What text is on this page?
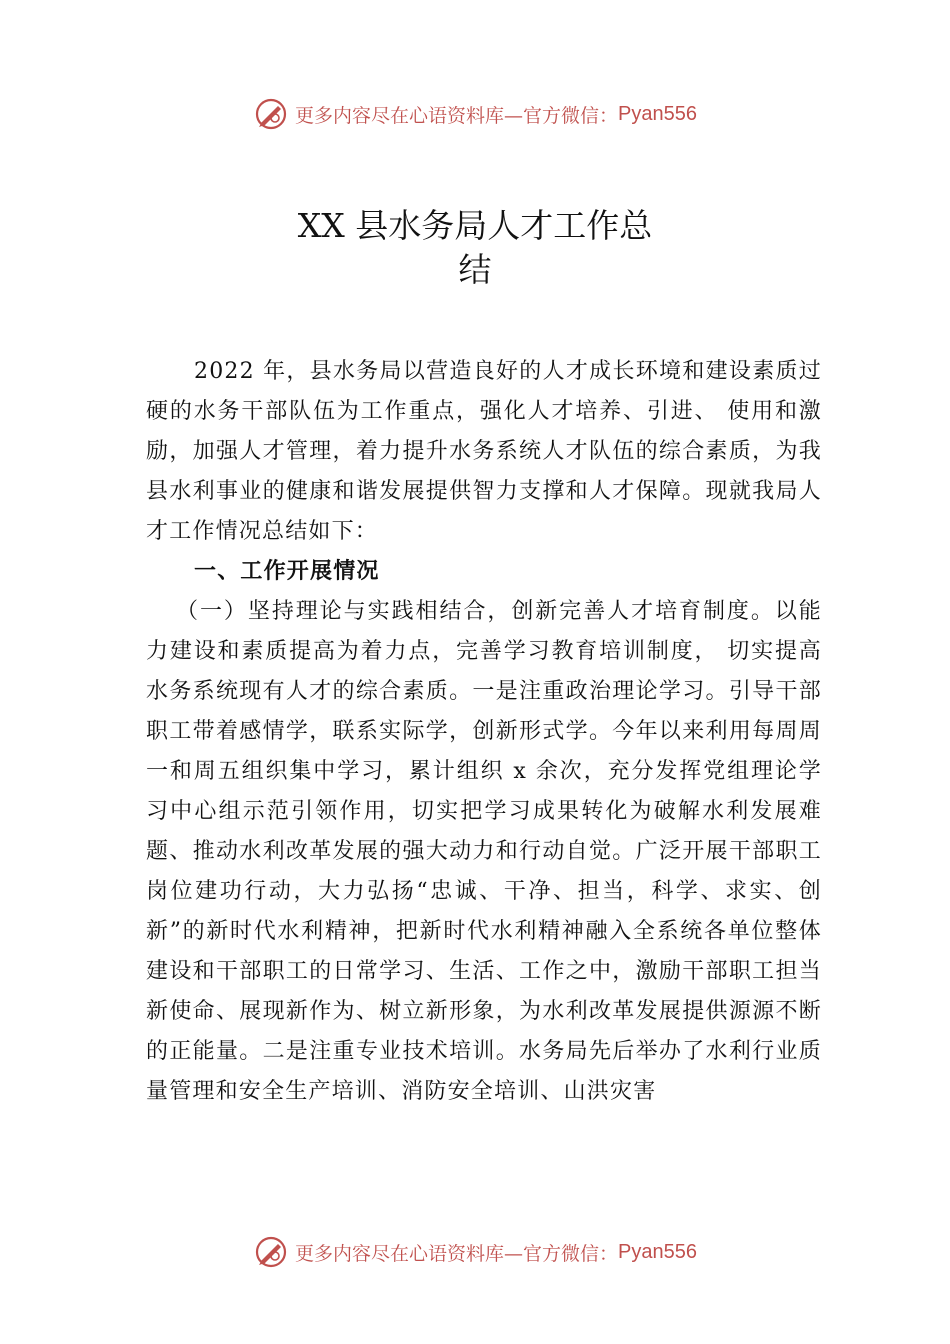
更多内容尽在心语资料库—官方微信： Pyan556
XX 县水务局人才工作总
结

2022 年，县水务局以营造良好的人才成长环境和建设素质过硬的水务干部队伍为工作重点，强化人才培养、引进、 使用和激励，加强人才管理，着力提升水务系统人才队伍的综合素质，为我县水利事业的健康和谐发展提供智力支撑和人才保障。现就我局人才工作情况总结如下：

一、工作开展情况

（一）坚持理论与实践相结合，创新完善人才培育制度。以能力建设和素质提高为着力点，完善学习教育培训制度， 切实提高水务系统现有人才的综合素质。一是注重政治理论学习。引导干部职工带着感情学，联系实际学，创新形式学。今年以来利用每周周一和周五组织集中学习，累计组织 x 余次，充分发挥党组理论学习中心组示范引领作用，切实把学习成果转化为破解水利发展难题、推动水利改革发展的强大动力和行动自觉。广泛开展干部职工岗位建功行动，大力弘扬“忠诚、干净、担当，科学、求实、创新”的新时代水利精神，把新时代水利精神融入全系统各单位整体建设和干部职工的日常学习、生活、工作之中，激励干部职工担当新使命、展现新作为、树立新形象，为水利改革发展提供源源不断的正能量。二是注重专业技术培训。水务局先后举办了水利行业质量管理和安全生产培训、消防安全培训、山洪灾害

更多内容尽在心语资料库—官方微信： Pyan556
